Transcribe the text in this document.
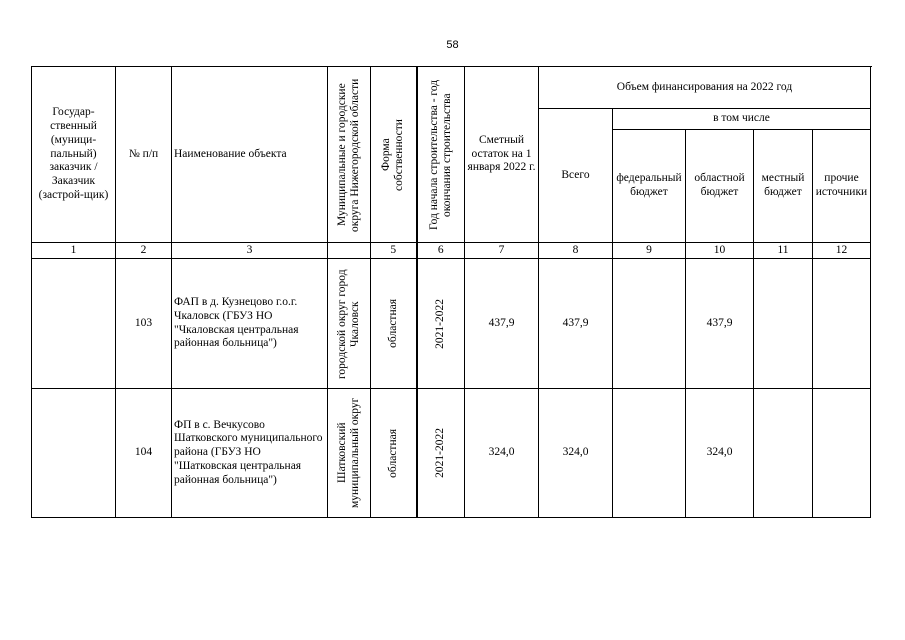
58
Государ-ственный (муници-пальный) заказчик / Заказчик (застрой-щик)	№ п/п	Наименование объекта	Муниципальные и городские округа Нижегородской области	Форма собственности	Год начала строительства - год окончания строительства	Сметный остаток на 1 января 2022 г.	Объем финансирования на 2022 год				
							Всего	в том числе			
								федеральный бюджет	областной бюджет	местный бюджет	прочие источники
1	2	3		5	6	7	8	9	10	11	12
	103	ФАП в д. Кузнецово г.о.г. Чкаловск (ГБУЗ НО "Чкаловская центральная районная больница")	городской округ город Чкаловск	областная	2021-2022	437,9	437,9		437,9		
	104	ФП в с. Вечкусово Шатковского муниципального района (ГБУЗ НО "Шатковская центральная районная больница")	Шатковский муниципальный округ	областная	2021-2022	324,0	324,0		324,0		
